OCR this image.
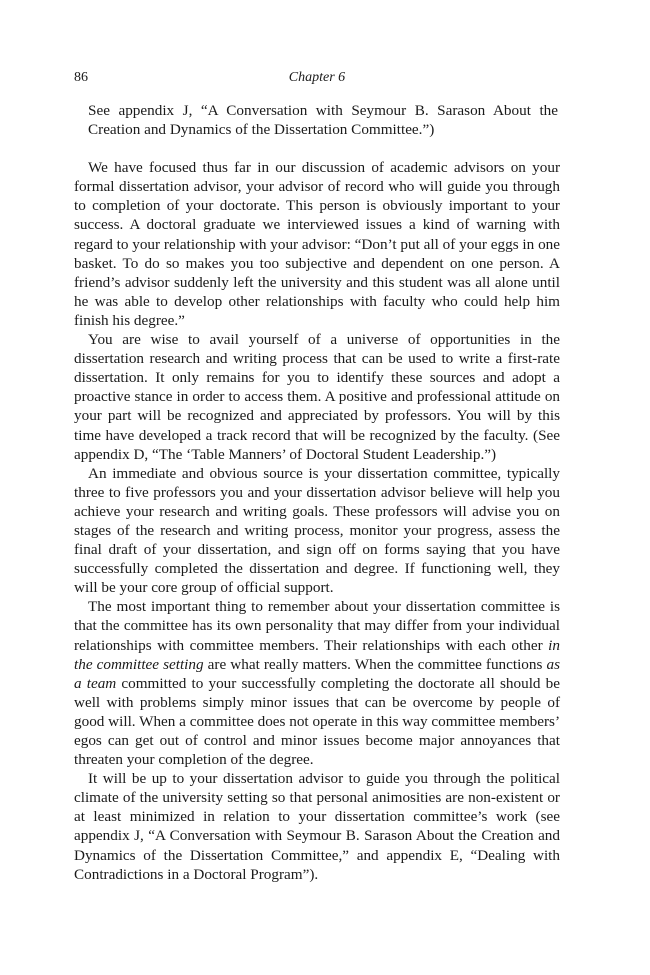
86	Chapter 6

See appendix J, “A Conversation with Seymour B. Sarason About the Creation and Dynamics of the Dissertation Committee.”)

We have focused thus far in our discussion of academic advisors on your formal dissertation advisor, your advisor of record who will guide you through to completion of your doctorate. This person is obviously important to your success. A doctoral graduate we interviewed issues a kind of warning with regard to your relationship with your advisor: “Don’t put all of your eggs in one basket. To do so makes you too subjective and dependent on one person. A friend’s advisor suddenly left the university and this student was all alone until he was able to develop other relationships with faculty who could help him finish his degree.”

You are wise to avail yourself of a universe of opportunities in the dissertation research and writing process that can be used to write a first-rate dissertation. It only remains for you to identify these sources and adopt a proactive stance in order to access them. A positive and professional attitude on your part will be recognized and appreciated by professors. You will by this time have developed a track record that will be recognized by the faculty. (See appendix D, “The ‘Table Manners’ of Doctoral Student Leadership.”)

An immediate and obvious source is your dissertation committee, typically three to five professors you and your dissertation advisor believe will help you achieve your research and writing goals. These professors will advise you on stages of the research and writing process, monitor your progress, assess the final draft of your dissertation, and sign off on forms saying that you have successfully completed the dissertation and degree. If functioning well, they will be your core group of official support.

The most important thing to remember about your dissertation committee is that the committee has its own personality that may differ from your individual relationships with committee members. Their relationships with each other in the committee setting are what really matters. When the committee functions as a team committed to your successfully completing the doctorate all should be well with problems simply minor issues that can be overcome by people of good will. When a committee does not operate in this way committee members’ egos can get out of control and minor issues become major annoyances that threaten your completion of the degree.

It will be up to your dissertation advisor to guide you through the political climate of the university setting so that personal animosities are non-existent or at least minimized in relation to your dissertation committee’s work (see appendix J, “A Conversation with Seymour B. Sarason About the Creation and Dynamics of the Dissertation Committee,” and appendix E, “Dealing with Contradictions in a Doctoral Program”).
